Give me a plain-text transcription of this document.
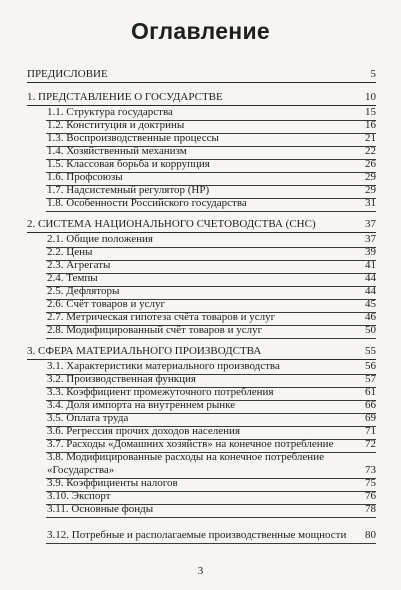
Оглавление
ПРЕДИСЛОВИЕ	5
1. ПРЕДСТАВЛЕНИЕ О ГОСУДАРСТВЕ	10
1.1. Структура государства	15
1.2. Конституция и доктрины	16
1.3. Воспроизводственные процессы	21
1.4. Хозяйственный механизм	22
1.5. Классовая борьба и коррупция	26
1.6. Профсоюзы	29
1.7. Надсистемный регулятор (НР)	29
1.8. Особенности Российского государства	31
2. СИСТЕМА НАЦИОНАЛЬНОГО СЧЕТОВОДСТВА (СНС)	37
2.1. Общие положения	37
2.2. Цены	39
2.3. Агрегаты	41
2.4. Темпы	44
2.5. Дефляторы	44
2.6. Счёт товаров и услуг	45
2.7. Метрическая гипотеза счёта товаров и услуг	46
2.8. Модифицированный счёт товаров и услуг	50
3. СФЕРА МАТЕРИАЛЬНОГО ПРОИЗВОДСТВА	55
3.1. Характеристики материального производства	56
3.2. Производственная функция	57
3.3. Коэффициент промежуточного потребления	61
3.4. Доля импорта на внутреннем рынке	66
3.5. Оплата труда	69
3.6. Регрессия прочих доходов населения	71
3.7. Расходы «Домашних хозяйств» на конечное потребление	72
3.8. Модифицированные расходы на конечное потребление «Государства»	73
3.9. Коэффициенты налогов	75
3.10. Экспорт	76
3.11. Основные фонды	78
3.12. Потребные и располагаемые производственные мощности	80
3
